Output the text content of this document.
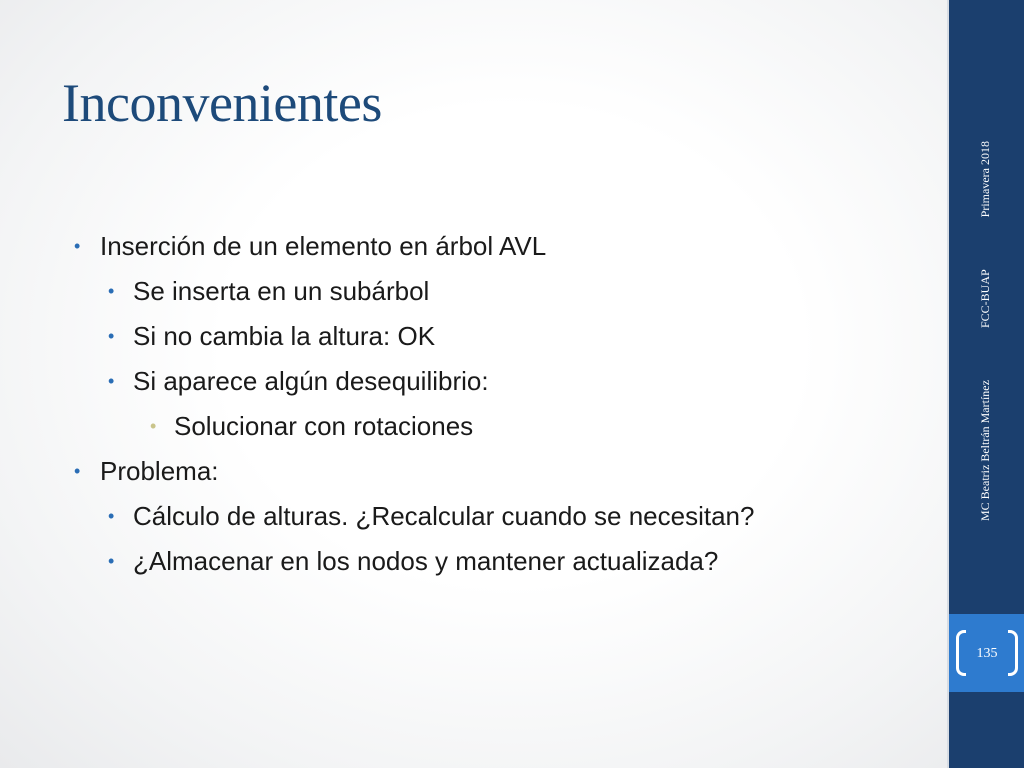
Inconvenientes
• Inserción de un elemento en árbol AVL
• Se inserta en un subárbol
• Si no cambia la altura: OK
• Si aparece algún desequilibrio:
• Solucionar con rotaciones
• Problema:
• Cálculo de alturas. ¿Recalcular cuando se necesitan?
• ¿Almacenar en los nodos y mantener actualizada?
MC Beatriz Beltrán Martínez
FCC-BUAP
Primavera 2018
135
